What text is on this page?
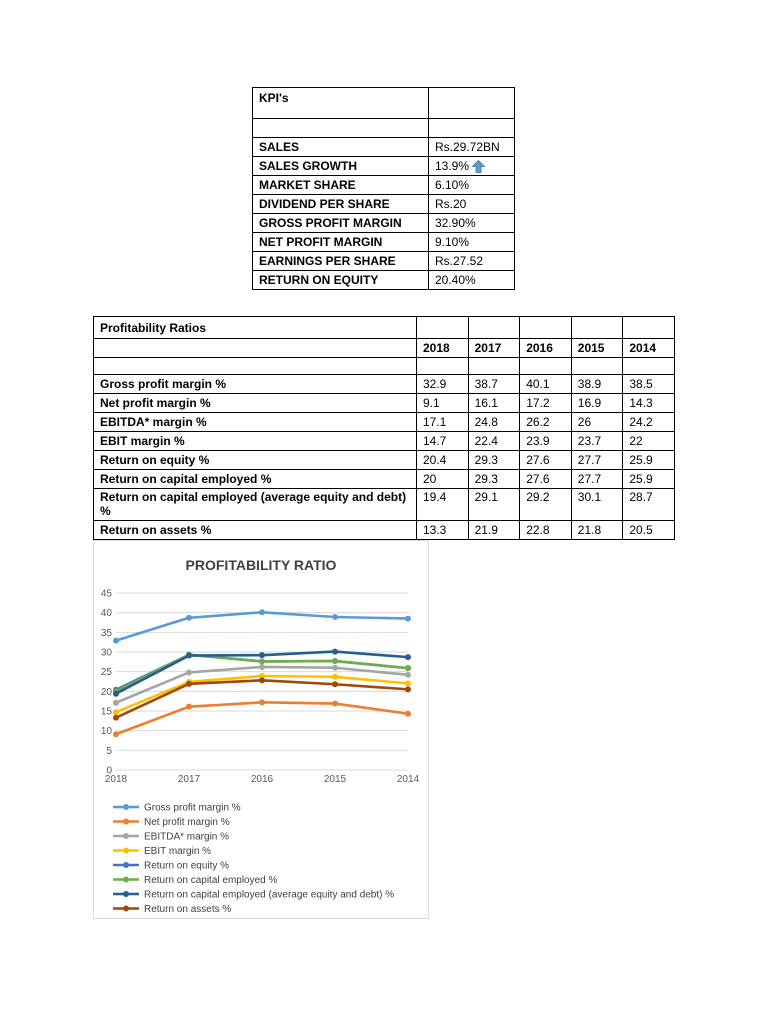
KPI's	

SALES	Rs.29.72BN
SALES GROWTH	13.9%
MARKET SHARE	6.10%
DIVIDEND PER SHARE	Rs.20
GROSS PROFIT MARGIN	32.90%
NET PROFIT MARGIN	9.10%
EARNINGS PER SHARE	Rs.27.52
RETURN ON EQUITY	20.40%
Profitability Ratios					
	2018	2017	2016	2015	2014

Gross profit margin %	32.9	38.7	40.1	38.9	38.5
Net profit margin %	9.1	16.1	17.2	16.9	14.3
EBITDA* margin %	17.1	24.8	26.2	26	24.2
EBIT margin %	14.7	22.4	23.9	23.7	22
Return on equity %	20.4	29.3	27.6	27.7	25.9
Return on capital employed %	20	29.3	27.6	27.7	25.9
Return on capital employed (average equity and debt) %	19.4	29.1	29.2	30.1	28.7
Return on assets %	13.3	21.9	22.8	21.8	20.5
PROFITABILITY RATIO
0
5
10
15
20
25
30
35
40
45
2018	2017	2016	2015	2014
Gross profit margin %
Net profit margin %
EBITDA* margin %
EBIT margin %
Return on equity %
Return on capital employed %
Return on capital employed (average equity and debt) %
Return on assets %
